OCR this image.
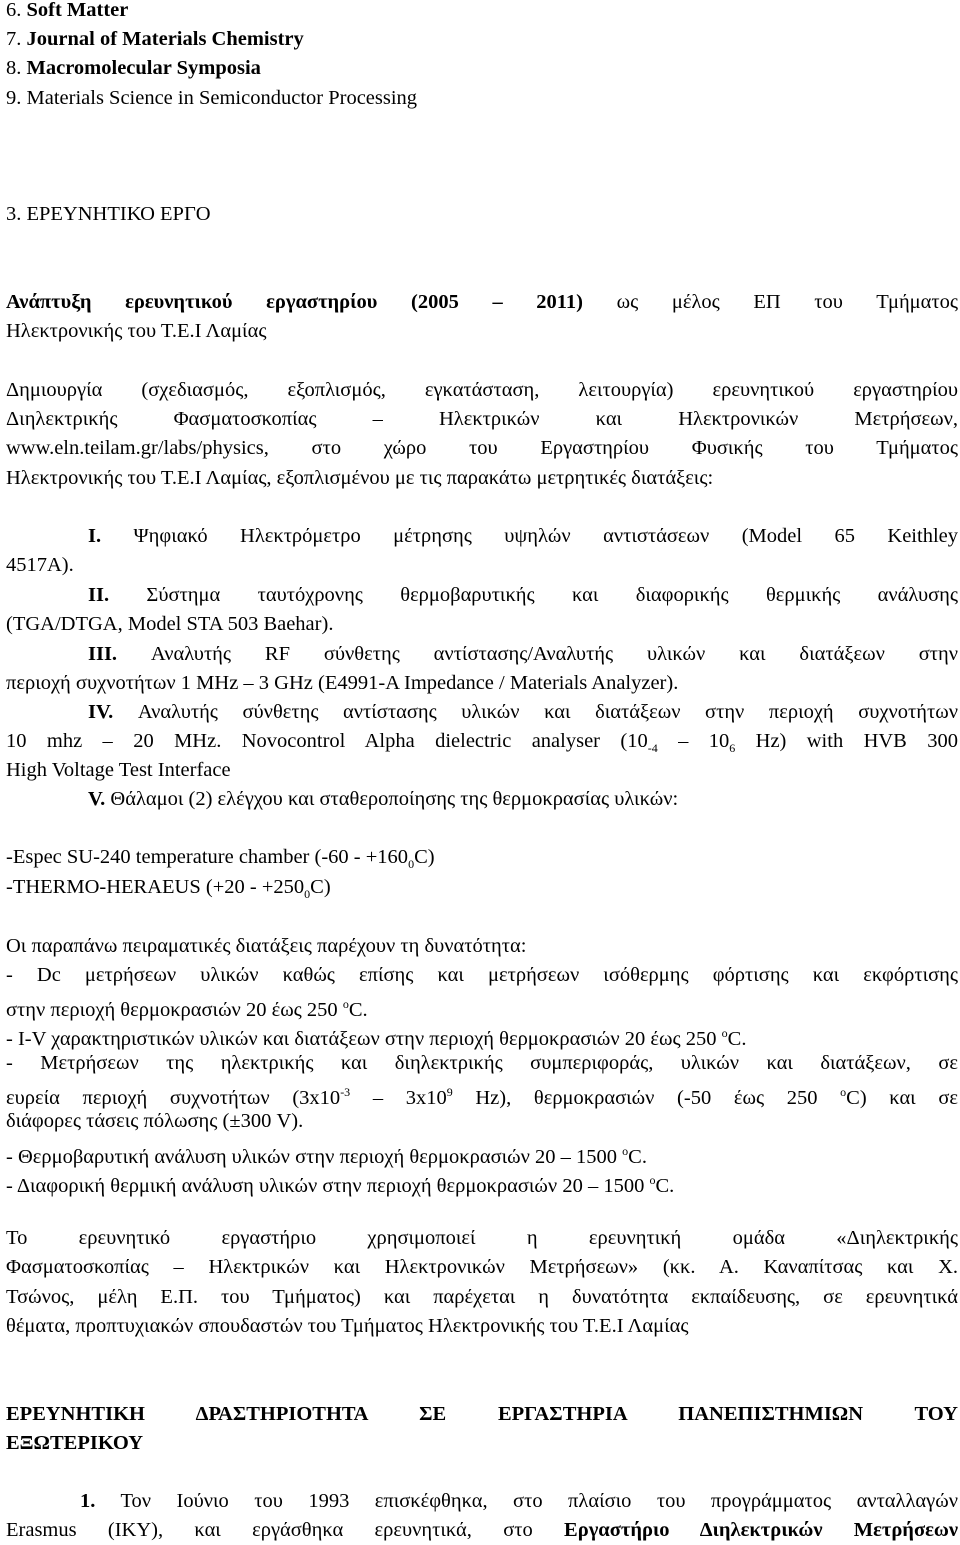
6. Soft Matter
7. Journal of Materials Chemistry
8. Macromolecular Symposia
9. Materials Science in Semiconductor Processing
3. ΕΡΕΥΝΗΤΙΚΟ ΕΡΓΟ
Ανάπτυξη ερευνητικού εργαστηρίου (2005 – 2011) ως μέλος ΕΠ του Τμήματος
Ηλεκτρονικής του Τ.Ε.Ι Λαμίας
Δημιουργία (σχεδιασμός, εξοπλισμός, εγκατάσταση, λειτουργία) ερευνητικού εργαστηρίου
Διηλεκτρικής Φασματοσκοπίας – Ηλεκτρικών και Ηλεκτρονικών Μετρήσεων,
www.eln.teilam.gr/labs/physics, στο χώρο του Εργαστηρίου Φυσικής του Τμήματος
Ηλεκτρονικής του Τ.Ε.Ι Λαμίας, εξοπλισμένου με τις παρακάτω μετρητικές διατάξεις:
I. Ψηφιακό Ηλεκτρόμετρο μέτρησης υψηλών αντιστάσεων (Model 65 Keithley
4517A).
II. Σύστημα ταυτόχρονης θερμοβαρυτικής και διαφορικής θερμικής ανάλυσης
(TGA/DTGA, Model STA 503 Baehar).
III. Αναλυτής RF σύνθετης αντίστασης/Αναλυτής υλικών και διατάξεων στην
περιοχή συχνοτήτων 1 MHz – 3 GHz (E4991-A Impedance / Materials Analyzer).
IV. Αναλυτής σύνθετης αντίστασης υλικών και διατάξεων στην περιοχή συχνοτήτων
10 mhz – 20 MHz. Novocontrol Alpha dielectric analyser ($10_{-4} - 10_6$ Hz) with HVB 300
High Voltage Test Interface
V. Θάλαμοι (2) ελέγχου και σταθεροποίησης της θερμοκρασίας υλικών:
-Espec SU-240 temperature chamber $(-60 - +160_0C)$
-THERMO-HERAEUS $(+20 - +250_0C)$
Οι παραπάνω πειραματικές διατάξεις παρέχουν τη δυνατότητα:
- Dc μετρήσεων υλικών καθώς επίσης και μετρήσεων ισόθερμης φόρτισης και εκφόρτισης
στην περιοχή θερμοκρασιών 20 έως 250 $^o$C.
- I-V χαρακτηριστικών υλικών και διατάξεων στην περιοχή θερμοκρασιών 20 έως 250 $^o$C.
- Μετρήσεων της ηλεκτρικής και διηλεκτρικής συμπεριφοράς, υλικών και διατάξεων, σε
ευρεία περιοχή συχνοτήτων ($3x10^{-3} - 3x10^9$ Hz), θερμοκρασιών (-50 έως 250 $^o$C) και σε
διάφορες τάσεις πόλωσης (±300 V).
- Θερμοβαρυτική ανάλυση υλικών στην περιοχή θερμοκρασιών 20 – 1500 $^o$C.
- Διαφορική θερμική ανάλυση υλικών στην περιοχή θερμοκρασιών 20 – 1500 $^o$C.
Το ερευνητικό εργαστήριο χρησιμοποιεί η ερευνητική ομάδα «Διηλεκτρικής
Φασματοσκοπίας – Ηλεκτρικών και Ηλεκτρονικών Μετρήσεων» (κκ. Α. Καναπίτσας και Χ.
Τσώνος, μέλη Ε.Π. του Τμήματος) και παρέχεται η δυνατότητα εκπαίδευσης, σε ερευνητικά
θέματα, προπτυχιακών σπουδαστών του Τμήματος Ηλεκτρονικής του Τ.Ε.Ι Λαμίας
ΕΡΕΥΝΗΤΙΚΗ ΔΡΑΣΤΗΡΙΟΤΗΤΑ ΣΕ ΕΡΓΑΣΤΗΡΙΑ ΠΑΝΕΠΙΣΤΗΜΙΩΝ ΤΟΥ
ΕΞΩΤΕΡΙΚΟΥ
1. Τον Ιούνιο του 1993 επισκέφθηκα, στο πλαίσιο του προγράμματος ανταλλαγών
Erasmus (ΙΚΥ), και εργάσθηκα ερευνητικά, στο Εργαστήριο Διηλεκτρικών Μετρήσεων
